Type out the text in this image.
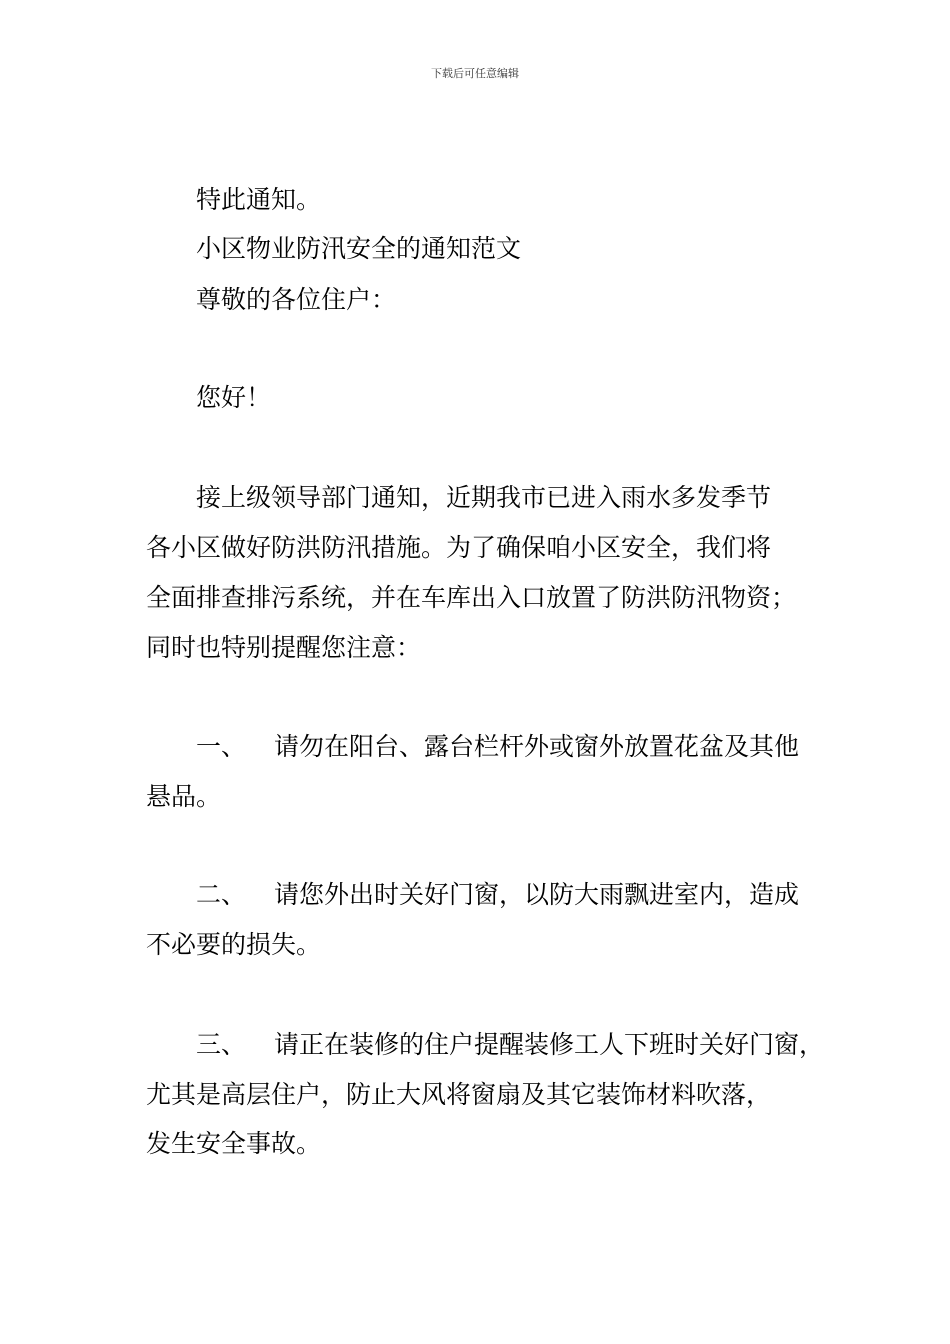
下载后可任意编辑
特此通知。
小区物业防汛安全的通知范文
尊敬的各位住户：
您好！
接上级领导部门通知，近期我市已进入雨水多发季节
各小区做好防洪防汛措施。为了确保咱小区安全，我们将
全面排查排污系统，并在车库出入口放置了防洪防汛物资；
同时也特别提醒您注意：
一、 请勿在阳台、露台栏杆外或窗外放置花盆及其他
悬品。
二、 请您外出时关好门窗，以防大雨飘进室内，造成
不必要的损失。
三、 请正在装修的住户提醒装修工人下班时关好门窗，
尤其是高层住户，防止大风将窗扇及其它装饰材料吹落，
发生安全事故。
